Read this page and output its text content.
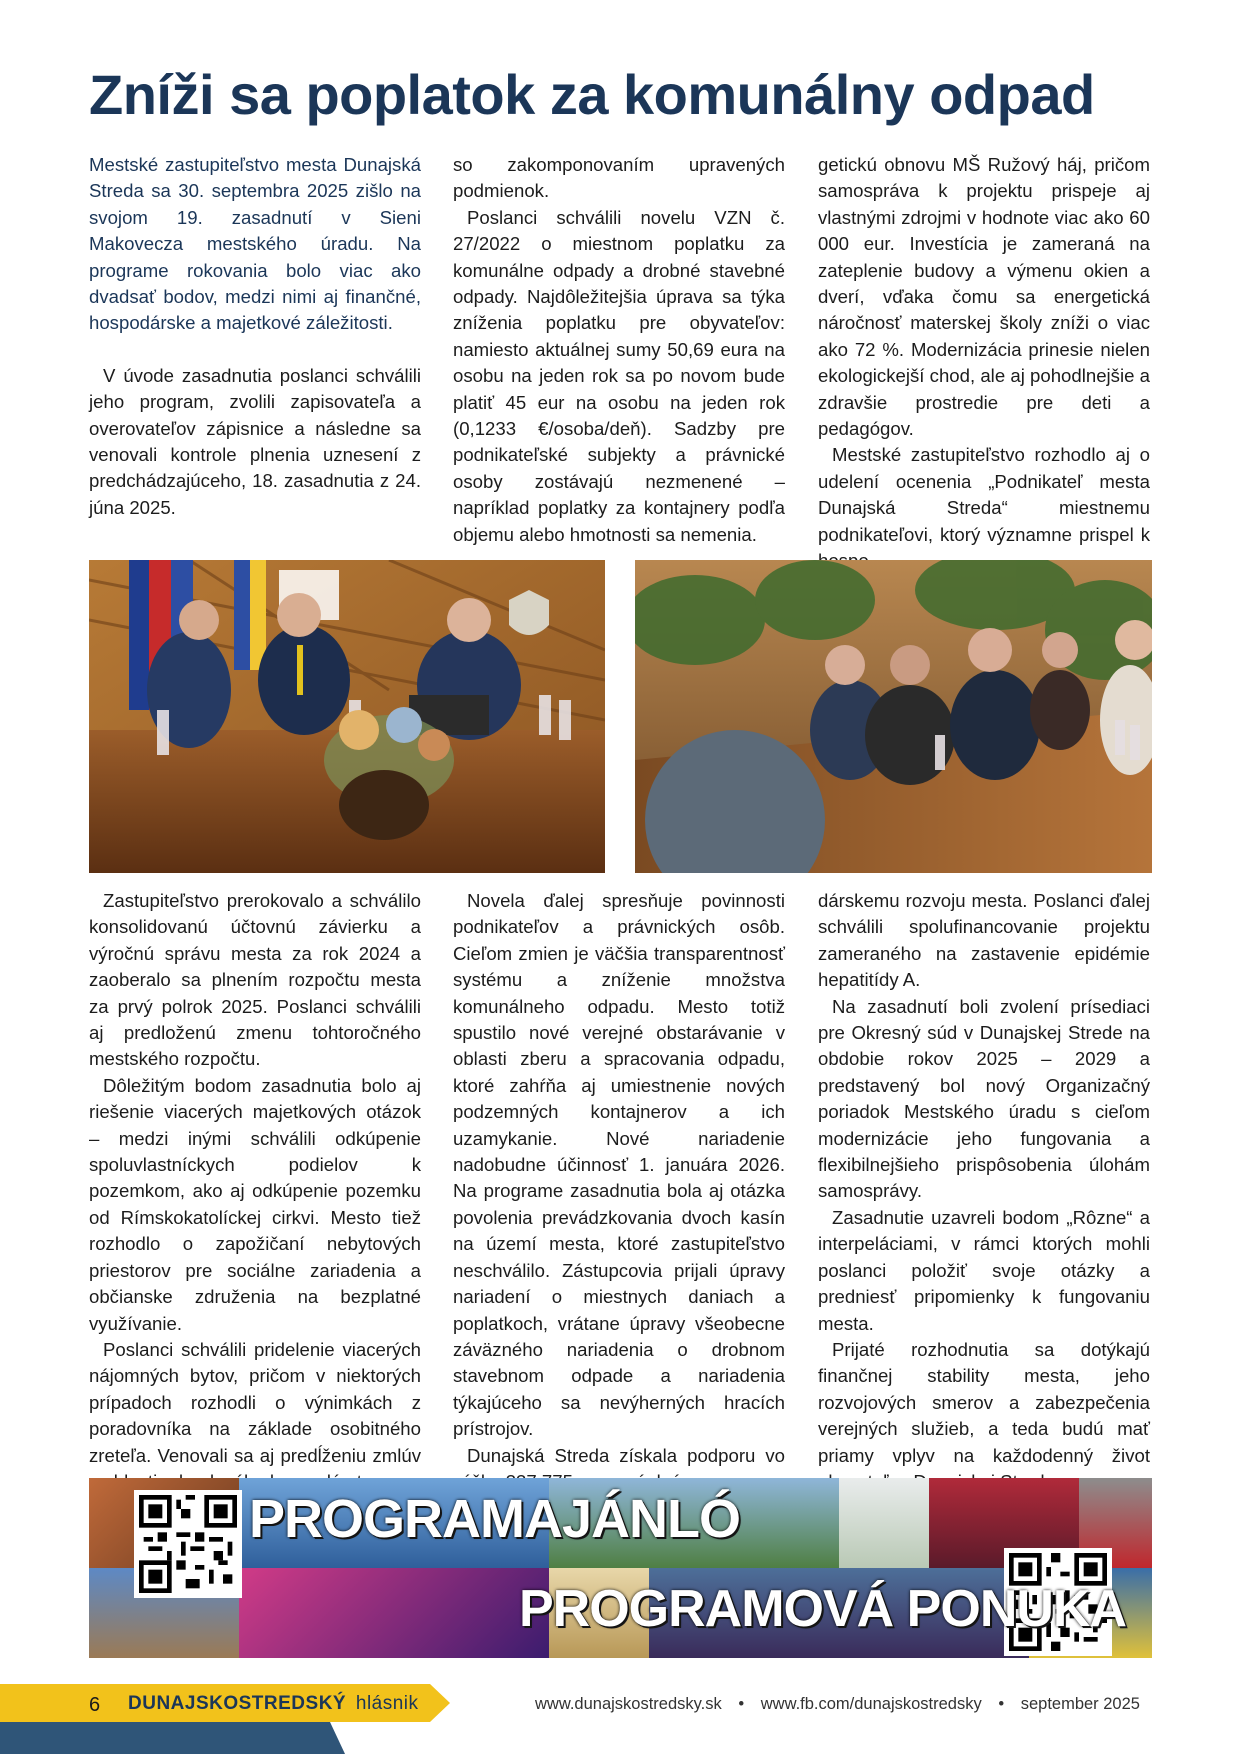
Zníži sa poplatok za komunálny odpad

Mestské zastupiteľstvo mesta Dunajská Streda sa 30. septembra 2025 zišlo na svojom 19. zasadnutí v Sieni Makovecza mestského úradu. Na programe rokovania bolo viac ako dvadsať bodov, medzi nimi aj finančné, hospodárske a majetkové záležitosti.

V úvode zasadnutia poslanci schválili jeho program, zvolili zapisovateľa a overovateľov zápisnice a následne sa venovali kontrole plnenia uznesení z predchádzajúceho, 18. zasadnutia z 24. júna 2025.

so zakomponovaním upravených podmienok.

Poslanci schválili novelu VZN č. 27/2022 o miestnom poplatku za komunálne odpady a drobné stavebné odpady. Najdôležitejšia úprava sa týka zníženia poplatku pre obyvateľov: namiesto aktuálnej sumy 50,69 eura na osobu na jeden rok sa po novom bude platiť 45 eur na osobu na jeden rok (0,1233 €/osoba/deň). Sadzby pre podnikateľské subjekty a právnické osoby zostávajú nezmenené – napríklad poplatky za kontajnery podľa objemu alebo hmotnosti sa nemenia.

getickú obnovu MŠ Ružový háj, pričom samospráva k projektu prispeje aj vlastnými zdrojmi v hodnote viac ako 60 000 eur. Investícia je zameraná na zateplenie budovy a výmenu okien a dverí, vďaka čomu sa energetická náročnosť materskej školy zníži o viac ako 72 %. Modernizácia prinesie nielen ekologickejší chod, ale aj pohodlnejšie a zdravšie prostredie pre deti a pedagógov.

Mestské zastupiteľstvo rozhodlo aj o udelení ocenenia „Podnikateľ mesta Dunajská Streda“ miestnemu podnikateľovi, ktorý významne prispel k

Zastupiteľstvo prerokovalo a schválilo konsolidovanú účtovnú závierku a výročnú správu mesta za rok 2024 a zaoberalo sa plnením rozpočtu mesta za prvý polrok 2025. Poslanci schválili aj predloženú zmenu tohtoročného mestského rozpočtu.

Dôležitým bodom zasadnutia bolo aj riešenie viacerých majetkových otázok – medzi inými schválili odkúpenie spoluvlastníckych podielov k pozemkom, ako aj odkúpenie pozemku od Rímskokatolíckej cirkvi. Mesto tiež rozhodlo o zapožičaní nebytových priestorov pre sociálne zariadenia a občianske združenia na bezplatné využívanie.

Poslanci schválili pridelenie viacerých nájomných bytov, pričom v niektorých prípadoch rozhodli o výnimkách z poradovníka na základe osobitného zreteľa. Venovali sa aj predĺženiu zmlúv

Novela ďalej spresňuje povinnosti podnikateľov a právnických osôb. Cieľom zmien je väčšia transparentnosť systému a zníženie množstva komunálneho odpadu. Mesto totiž spustilo nové verejné obstarávanie v oblasti zberu a spracovania odpadu, ktoré zahŕňa aj umiestnenie nových podzemných kontajnerov a ich uzamykanie. Nové nariadenie nadobudne účinnosť 1. januára 2026. Na programe zasadnutia bola aj otázka povolenia prevádzkovania dvoch kasín na území mesta, ktoré zastupiteľstvo neschválilo. Zástupcovia prijali úpravy nariadení o miestnych daniach a poplatkoch, vrátane úpravy všeobecne záväzného nariadenia o drobnom stavebnom odpade a nariadenia týkajúceho sa nevýherných hracích prístrojov.

Dunajská Streda získala podporu vo

dárskemu rozvoju mesta. Poslanci ďalej schválili spolufinancovanie projektu zameraného na zastavenie epidémie hepatitídy A.

Na zasadnutí boli zvolení prísediaci pre Okresný súd v Dunajskej Strede na obdobie rokov 2025 – 2029 a predstavený bol nový Organizačný poriadok Mestského úradu s cieľom modernizácie jeho fungovania a flexibilnejšieho prispôsobenia úlohám samosprávy.

Zasadnutie uzavreli bodom „Rôzne“ a interpeláciami, v rámci ktorých mohli poslanci položiť svoje otázky a predniesť pripomienky k fungovaniu mesta.

Prijaté rozhodnutia sa dotýkajú finančnej stability mesta, jeho rozvojových smerov a zabezpečenia verejných služieb, a teda budú mať priamy vplyv na každodenný život

PROGRAMAJÁNLÓ
PROGRAMOVÁ PONUKA
6 DUNAJSKOSTREDSKÝ hlásnik	www.dunajskostredsky.sk • www.fb.com/dunajskostredsky • september 2025
